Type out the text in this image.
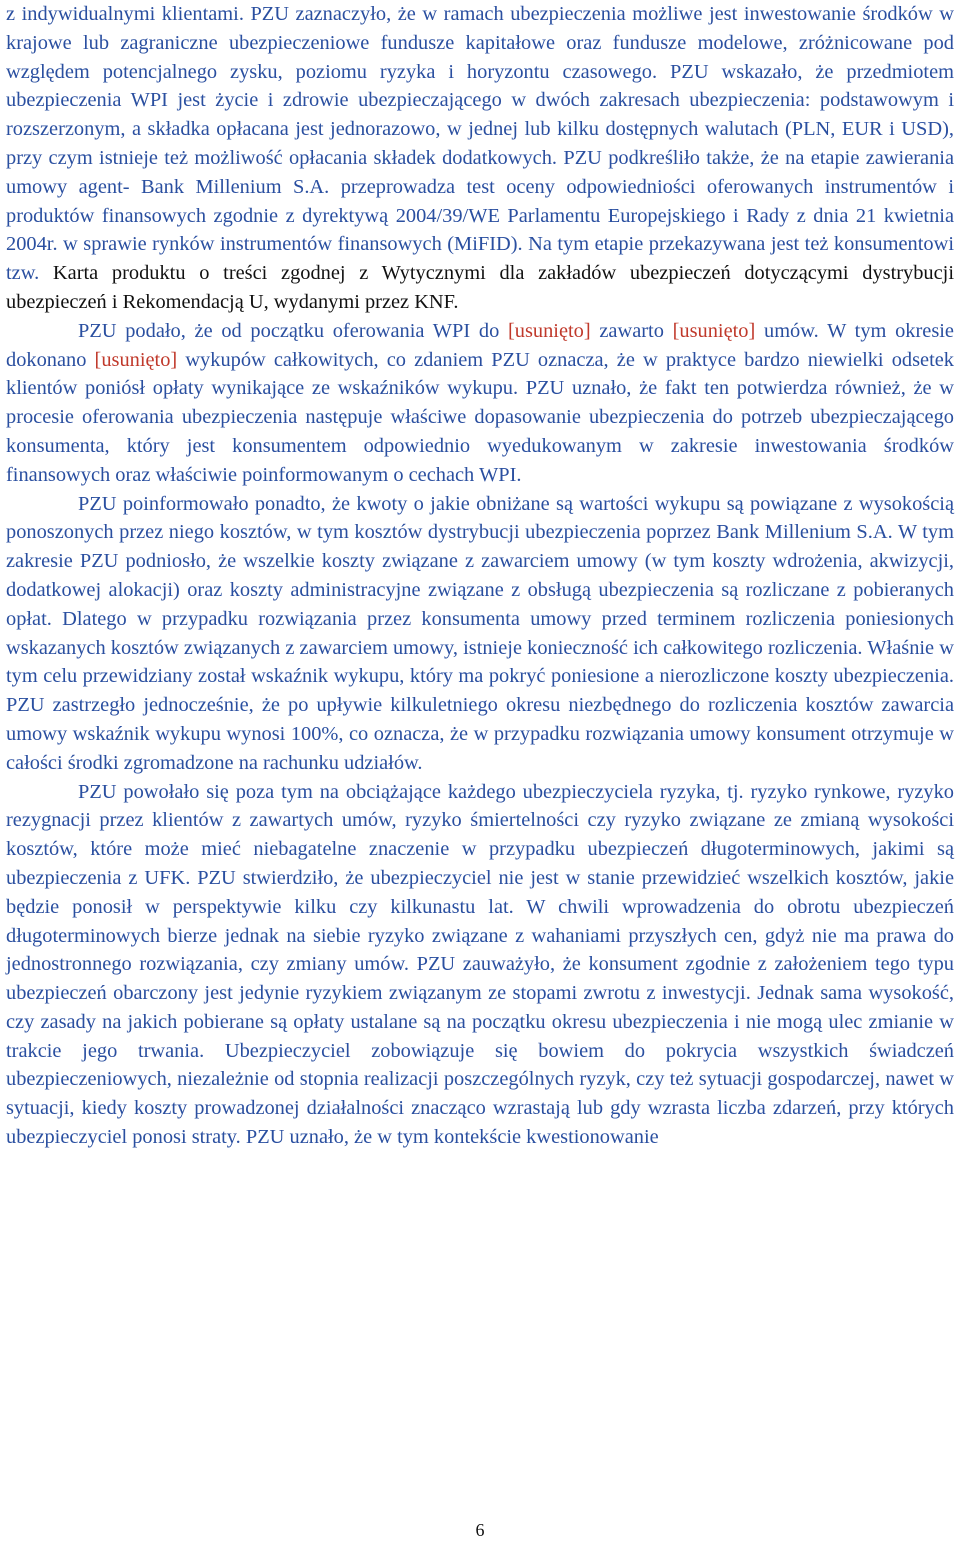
z indywidualnymi klientami. PZU zaznaczyło, że w ramach ubezpieczenia możliwe jest inwestowanie środków w krajowe lub zagraniczne ubezpieczeniowe fundusze kapitałowe oraz fundusze modelowe, zróżnicowane pod względem potencjalnego zysku, poziomu ryzyka i horyzontu czasowego. PZU wskazało, że przedmiotem ubezpieczenia WPI jest życie i zdrowie ubezpieczającego w dwóch zakresach ubezpieczenia: podstawowym i rozszerzonym, a składka opłacana jest jednorazowo, w jednej lub kilku dostępnych walutach (PLN, EUR i USD), przy czym istnieje też możliwość opłacania składek dodatkowych. PZU podkreśliło także, że na etapie zawierania umowy agent- Bank Millenium S.A. przeprowadza test oceny odpowiedniości oferowanych instrumentów i produktów finansowych zgodnie z dyrektywą 2004/39/WE Parlamentu Europejskiego i Rady z dnia 21 kwietnia 2004r. w sprawie rynków instrumentów finansowych (MiFID). Na tym etapie przekazywana jest też konsumentowi tzw. Karta produktu o treści zgodnej z Wytycznymi dla zakładów ubezpieczeń dotyczącymi dystrybucji ubezpieczeń i Rekomendacją U, wydanymi przez KNF.

PZU podało, że od początku oferowania WPI do [usunięto] zawarto [usunięto] umów. W tym okresie dokonano [usunięto] wykupów całkowitych, co zdaniem PZU oznacza, że w praktyce bardzo niewielki odsetek klientów poniósł opłaty wynikające ze wskaźników wykupu. PZU uznało, że fakt ten potwierdza również, że w procesie oferowania ubezpieczenia następuje właściwe dopasowanie ubezpieczenia do potrzeb ubezpieczającego konsumenta, który jest konsumentem odpowiednio wyedukowanym w zakresie inwestowania środków finansowych oraz właściwie poinformowanym o cechach WPI.

PZU poinformowało ponadto, że kwoty o jakie obniżane są wartości wykupu są powiązane z wysokością ponoszonych przez niego kosztów, w tym kosztów dystrybucji ubezpieczenia poprzez Bank Millenium S.A. W tym zakresie PZU podniosło, że wszelkie koszty związane z zawarciem umowy (w tym koszty wdrożenia, akwizycji, dodatkowej alokacji) oraz koszty administracyjne związane z obsługą ubezpieczenia są rozliczane z pobieranych opłat. Dlatego w przypadku rozwiązania przez konsumenta umowy przed terminem rozliczenia poniesionych wskazanych kosztów związanych z zawarciem umowy, istnieje konieczność ich całkowitego rozliczenia. Właśnie w tym celu przewidziany został wskaźnik wykupu, który ma pokryć poniesione a nierozliczone koszty ubezpieczenia. PZU zastrzegło jednocześnie, że po upływie kilkuletniego okresu niezbędnego do rozliczenia kosztów zawarcia umowy wskaźnik wykupu wynosi 100%, co oznacza, że w przypadku rozwiązania umowy konsument otrzymuje w całości środki zgromadzone na rachunku udziałów.

PZU powołało się poza tym na obciążające każdego ubezpieczyciela ryzyka, tj. ryzyko rynkowe, ryzyko rezygnacji przez klientów z zawartych umów, ryzyko śmiertelności czy ryzyko związane ze zmianą wysokości kosztów, które może mieć niebagatelne znaczenie w przypadku ubezpieczeń długoterminowych, jakimi są ubezpieczenia z UFK. PZU stwierdziło, że ubezpieczyciel nie jest w stanie przewidzieć wszelkich kosztów, jakie będzie ponosił w perspektywie kilku czy kilkunastu lat. W chwili wprowadzenia do obrotu ubezpieczeń długoterminowych bierze jednak na siebie ryzyko związane z wahaniami przyszłych cen, gdyż nie ma prawa do jednostronnego rozwiązania, czy zmiany umów. PZU zauważyło, że konsument zgodnie z założeniem tego typu ubezpieczeń obarczony jest jedynie ryzykiem związanym ze stopami zwrotu z inwestycji. Jednak sama wysokość, czy zasady na jakich pobierane są opłaty ustalane są na początku okresu ubezpieczenia i nie mogą ulec zmianie w trakcie jego trwania. Ubezpieczyciel zobowiązuje się bowiem do pokrycia wszystkich świadczeń ubezpieczeniowych, niezależnie od stopnia realizacji poszczególnych ryzyk, czy też sytuacji gospodarczej, nawet w sytuacji, kiedy koszty prowadzonej działalności znacząco wzrastają lub gdy wzrasta liczba zdarzeń, przy których ubezpieczyciel ponosi straty. PZU uznało, że w tym kontekście kwestionowanie

6
